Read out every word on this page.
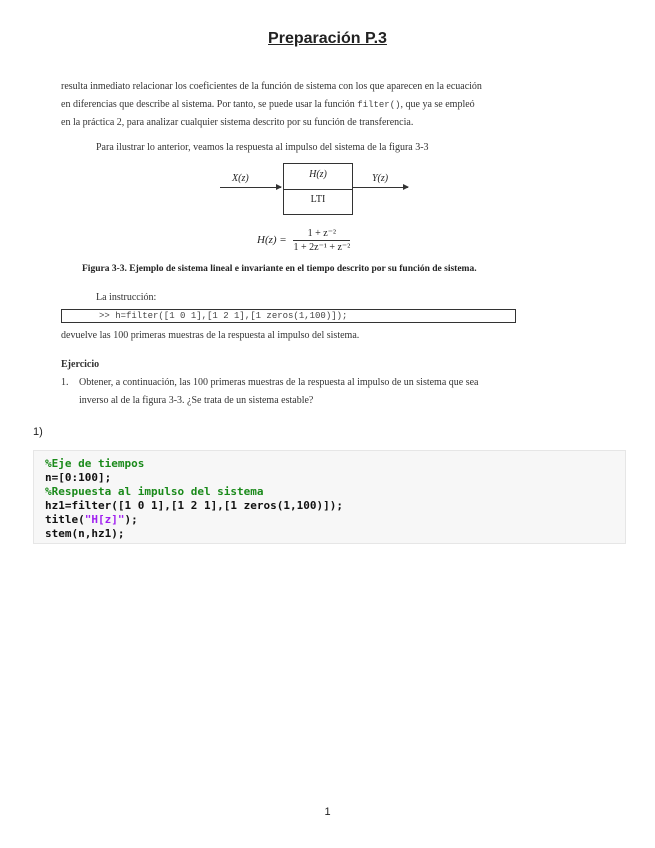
Preparación P.3
resulta inmediato relacionar los coeficientes de la función de sistema con los que aparecen en la ecuación
en diferencias que describe al sistema. Por tanto, se puede usar la función filter(), que ya se empleó
en la práctica 2, para analizar cualquier sistema descrito por su función de transferencia.
Para ilustrar lo anterior, veamos la respuesta al impulso del sistema de la figura 3-3
X(z)	H(z)
LTI
Y(z)
$H(z) = \frac{\text{1 + z⁻²}}{\text{1 + 2z⁻¹ + z⁻²}}$
Figura 3-3. Ejemplo de sistema lineal e invariante en el tiempo descrito por su función de sistema.
La instrucción:
>> h=filter([1 0 1],[1 2 1],[1 zeros(1,100)]);
devuelve las 100 primeras muestras de la respuesta al impulso del sistema.
Ejercicio
1. Obtener, a continuación, las 100 primeras muestras de la respuesta al impulso de un sistema que sea
inverso al de la figura 3-3. ¿Se trata de un sistema estable?
1)
%Eje de tiempos
n=[0:100];
%Respuesta al impulso del sistema
hz1=filter([1 0 1],[1 2 1],[1 zeros(1,100)]);
title("H[z]");
stem(n,hz1);
1
